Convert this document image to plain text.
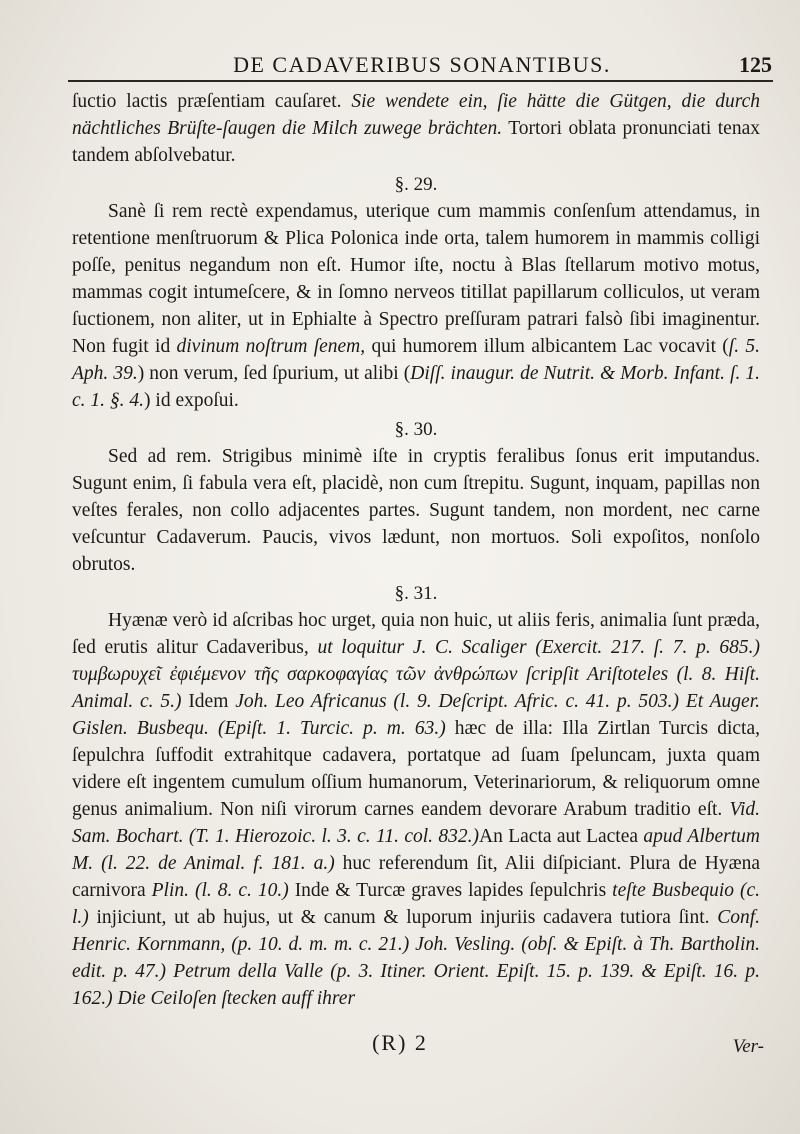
DE CADAVERIBUS SONANTIBUS.	125

ſuctio lactis præſentiam cauſaret. Sie wendete ein, ſie hätte die Gütgen, die durch nächtliches Brüſte-ſaugen die Milch zuwege brächten. Tortori oblata pronunciati tenax tandem abſolvebatur.

§. 29.

Sanè ſi rem rectè expendamus, uterique cum mammis conſenſum attendamus, in retentione menſtruorum & Plica Polonica inde orta, talem humorem in mammis colligi poſſe, penitus negandum non eſt. Humor iſte, noctu à Blas ſtellarum motivo motus, mammas cogit intumeſcere, & in ſomno nerveos titillat papillarum colliculos, ut veram ſuctionem, non aliter, ut in Ephialte à Spectro preſſuram patrari falsò ſibi imaginentur. Non fugit id divinum noſtrum ſenem, qui humorem illum albicantem Lac vocavit (ſ. 5. Aph. 39.) non verum, ſed ſpurium, ut alibi (Diſſ. inaugur. de Nutrit. & Morb. Infant. ſ. 1. c. 1. §. 4.) id expoſui.

§. 30.

Sed ad rem. Strigibus minimè iſte in cryptis feralibus ſonus erit imputandus. Sugunt enim, ſi fabula vera eſt, placidè, non cum ſtrepitu. Sugunt, inquam, papillas non veſtes ferales, non collo adjacentes partes. Sugunt tandem, non mordent, nec carne veſcuntur Cadaverum. Paucis, vivos lædunt, non mortuos. Soli expoſitos, nonſolo obrutos.

§. 31.

Hyænæ verò id aſcribas hoc urget, quia non huic, ut aliis feris, animalia ſunt præda, ſed erutis alitur Cadaveribus, ut loquitur J. C. Scaliger (Exercit. 217. ſ. 7. p. 685.) τυμβωρυχεῖ ἐφιέμενον τῆς σαρκοφαγίας τῶν ἀνθρώπων ſcripſit Ariſtoteles (l. 8. Hiſt. Animal. c. 5.) Idem Joh. Leo Africanus (l. 9. Deſcript. Afric. c. 41. p. 503.) Et Auger. Gislen. Busbequ. (Epiſt. 1. Turcic. p. m. 63.) hæc de illa: Illa Zirtlan Turcis dicta, ſepulchra ſuffodit extrahitque cadavera, portatque ad ſuam ſpeluncam, juxta quam videre eſt ingentem cumulum oſſium humanorum, Veterinariorum, & reliquorum omne genus animalium. Non niſi virorum carnes eandem devorare Arabum traditio eſt. Vid. Sam. Bochart. (T. 1. Hierozoic. l. 3. c. 11. col. 832.)An Lacta aut Lactea apud Albertum M. (l. 22. de Animal. f. 181. a.) huc referendum ſit, Alii diſpiciant. Plura de Hyæna carnivora Plin. (l. 8. c. 10.) Inde & Turcæ graves lapides ſepulchris teſte Busbequio (c. l.) injiciunt, ut ab hujus, ut & canum & luporum injuriis cadavera tutiora ſint. Conf. Henric. Kornmann, (p. 10. d. m. m. c. 21.) Joh. Vesling. (obſ. & Epiſt. à Th. Bartholin. edit. p. 47.) Petrum della Valle (p. 3. Itiner. Orient. Epiſt. 15. p. 139. & Epiſt. 16. p. 162.) Die Ceiloſen ſtecken auff ihrer

(R) 2	Ver-
